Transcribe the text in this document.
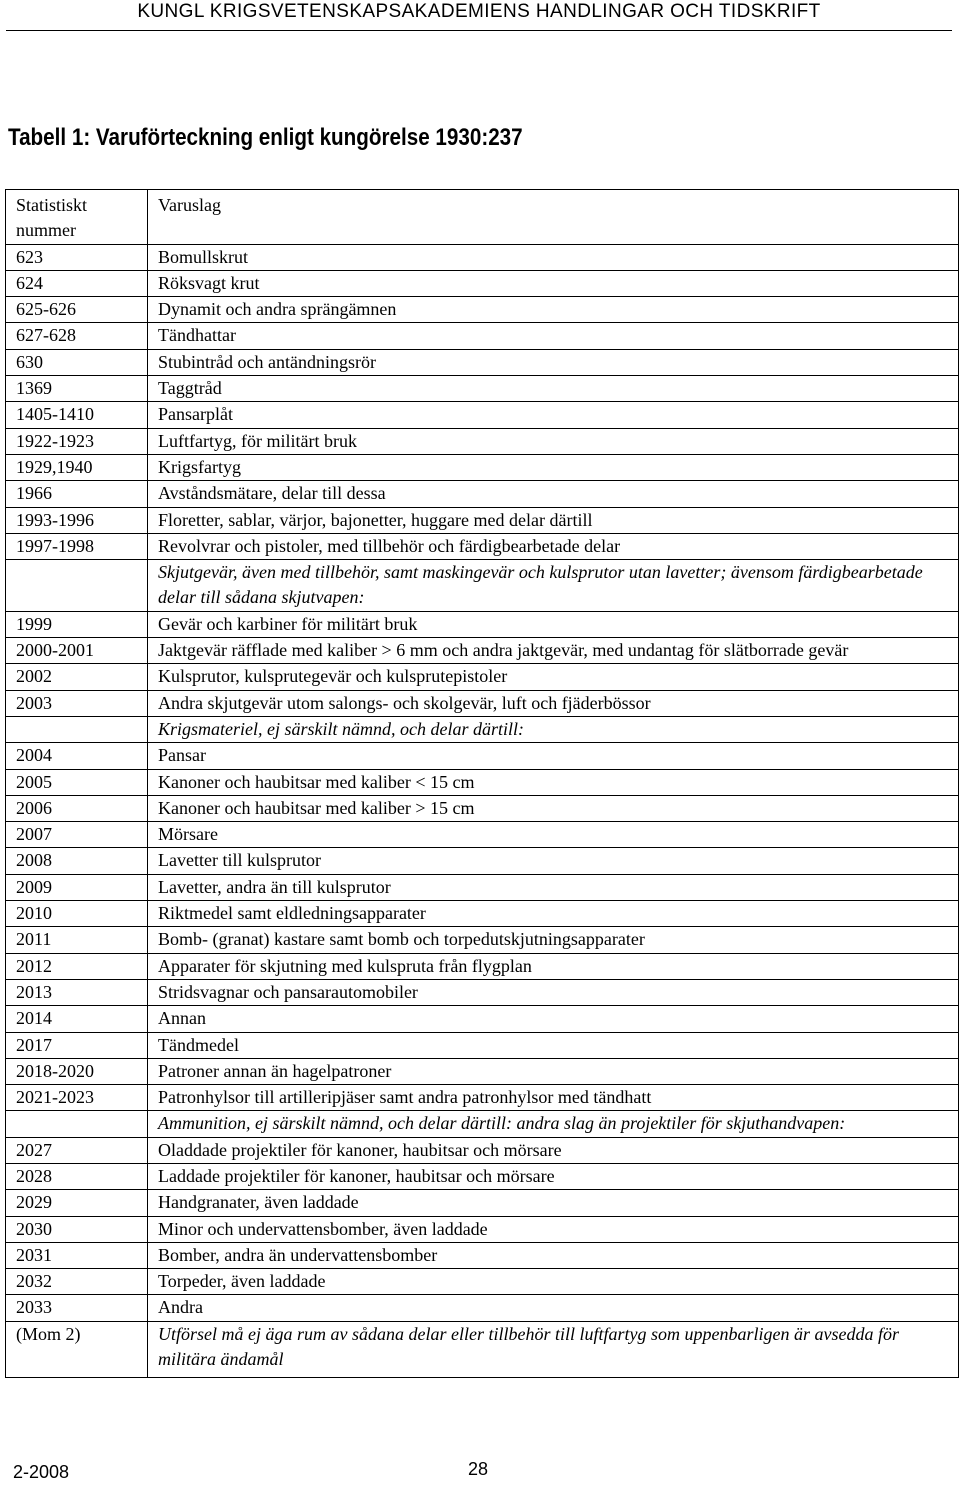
KUNGL KRIGSVETENSKAPSAKADEMIENS HANDLINGAR OCH TIDSKRIFT
Tabell 1: Varuförteckning enligt kungörelse 1930:237
Statistiskt nummer	Varuslag
623	Bomullskrut
624	Röksvagt krut
625-626	Dynamit och andra sprängämnen
627-628	Tändhattar
630	Stubintråd och antändningsrör
1369	Taggtråd
1405-1410	Pansarplåt
1922-1923	Luftfartyg, för militärt bruk
1929,1940	Krigsfartyg
1966	Avståndsmätare, delar till dessa
1993-1996	Floretter, sablar, värjor, bajonetter, huggare med delar därtill
1997-1998	Revolvrar och pistoler, med tillbehör och färdigbearbetade delar
	Skjutgevär, även med tillbehör, samt maskingevär och kulsprutor utan lavetter; ävensom färdigbearbetade delar till sådana skjutvapen:
1999	Gevär och karbiner för militärt bruk
2000-2001	Jaktgevär räfflade med kaliber > 6 mm och andra jaktgevär, med undantag för slätborrade gevär
2002	Kulsprutor, kulsprutegevär och kulsprutepistoler
2003	Andra skjutgevär utom salongs- och skolgevär, luft och fjäderbössor
	Krigsmateriel, ej särskilt nämnd, och delar därtill:
2004	Pansar
2005	Kanoner och haubitsar med kaliber < 15 cm
2006	Kanoner och haubitsar med kaliber > 15 cm
2007	Mörsare
2008	Lavetter till kulsprutor
2009	Lavetter, andra än till kulsprutor
2010	Riktmedel samt eldledningsapparater
2011	Bomb- (granat) kastare samt bomb och torpedutskjutningsapparater
2012	Apparater för skjutning med kulspruta från flygplan
2013	Stridsvagnar och pansarautomobiler
2014	Annan
2017	Tändmedel
2018-2020	Patroner annan än hagelpatroner
2021-2023	Patronhylsor till artilleripjäser samt andra patronhylsor med tändhatt
	Ammunition, ej särskilt nämnd, och delar därtill: andra slag än projektiler för skjuthandvapen:
2027	Oladdade projektiler för kanoner, haubitsar och mörsare
2028	Laddade projektiler för kanoner, haubitsar och mörsare
2029	Handgranater, även laddade
2030	Minor och undervattensbomber, även laddade
2031	Bomber, andra än undervattensbomber
2032	Torpeder, även laddade
2033	Andra
(Mom 2)	Utförsel må ej äga rum av sådana delar eller tillbehör till luftfartyg som uppenbarligen är avsedda för militära ändamål
2-2008	28
